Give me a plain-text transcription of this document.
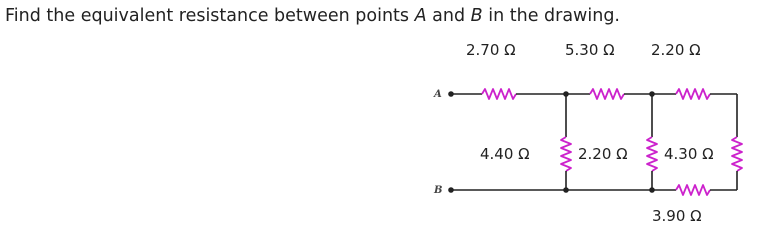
Find the equivalent resistance between points A and B in the drawing.
2.70 Ω	5.30 Ω 2.20 Ω
4.40 Ω	2.20 Ω 4.30 Ω
3.90 Ω
A
B
